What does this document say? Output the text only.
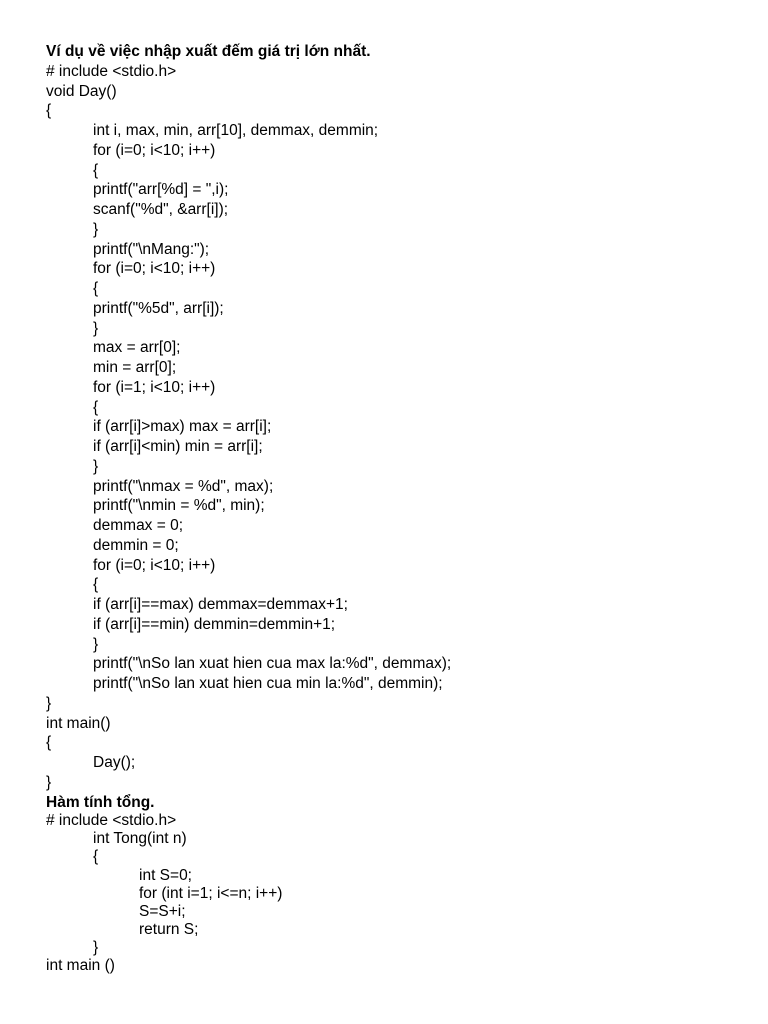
Ví dụ về việc nhập xuất đếm giá trị lớn nhất.
# include <stdio.h>
void Day()
{
int i, max, min, arr[10], demmax, demmin;
for (i=0; i<10; i++)
{
printf("arr[%d] = ",i);
scanf("%d", &arr[i]);
}
printf("\nMang:");
for (i=0; i<10; i++)
{
printf("%5d", arr[i]);
}
max = arr[0];
min = arr[0];
for (i=1; i<10; i++)
{
if (arr[i]>max) max = arr[i];
if (arr[i]<min) min = arr[i];
}
printf("\nmax = %d", max);
printf("\nmin = %d", min);
demmax = 0;
demmin = 0;
for (i=0; i<10; i++)
{
if (arr[i]==max) demmax=demmax+1;
if (arr[i]==min) demmin=demmin+1;
}
printf("\nSo lan xuat hien cua max la:%d", demmax);
printf("\nSo lan xuat hien cua min la:%d", demmin);
}
int main()
{
Day();
}
Hàm tính tổng.
# include <stdio.h>
int Tong(int n)
{
int S=0;
for (int i=1; i<=n; i++)
S=S+i;
return S;
}
int main ()
